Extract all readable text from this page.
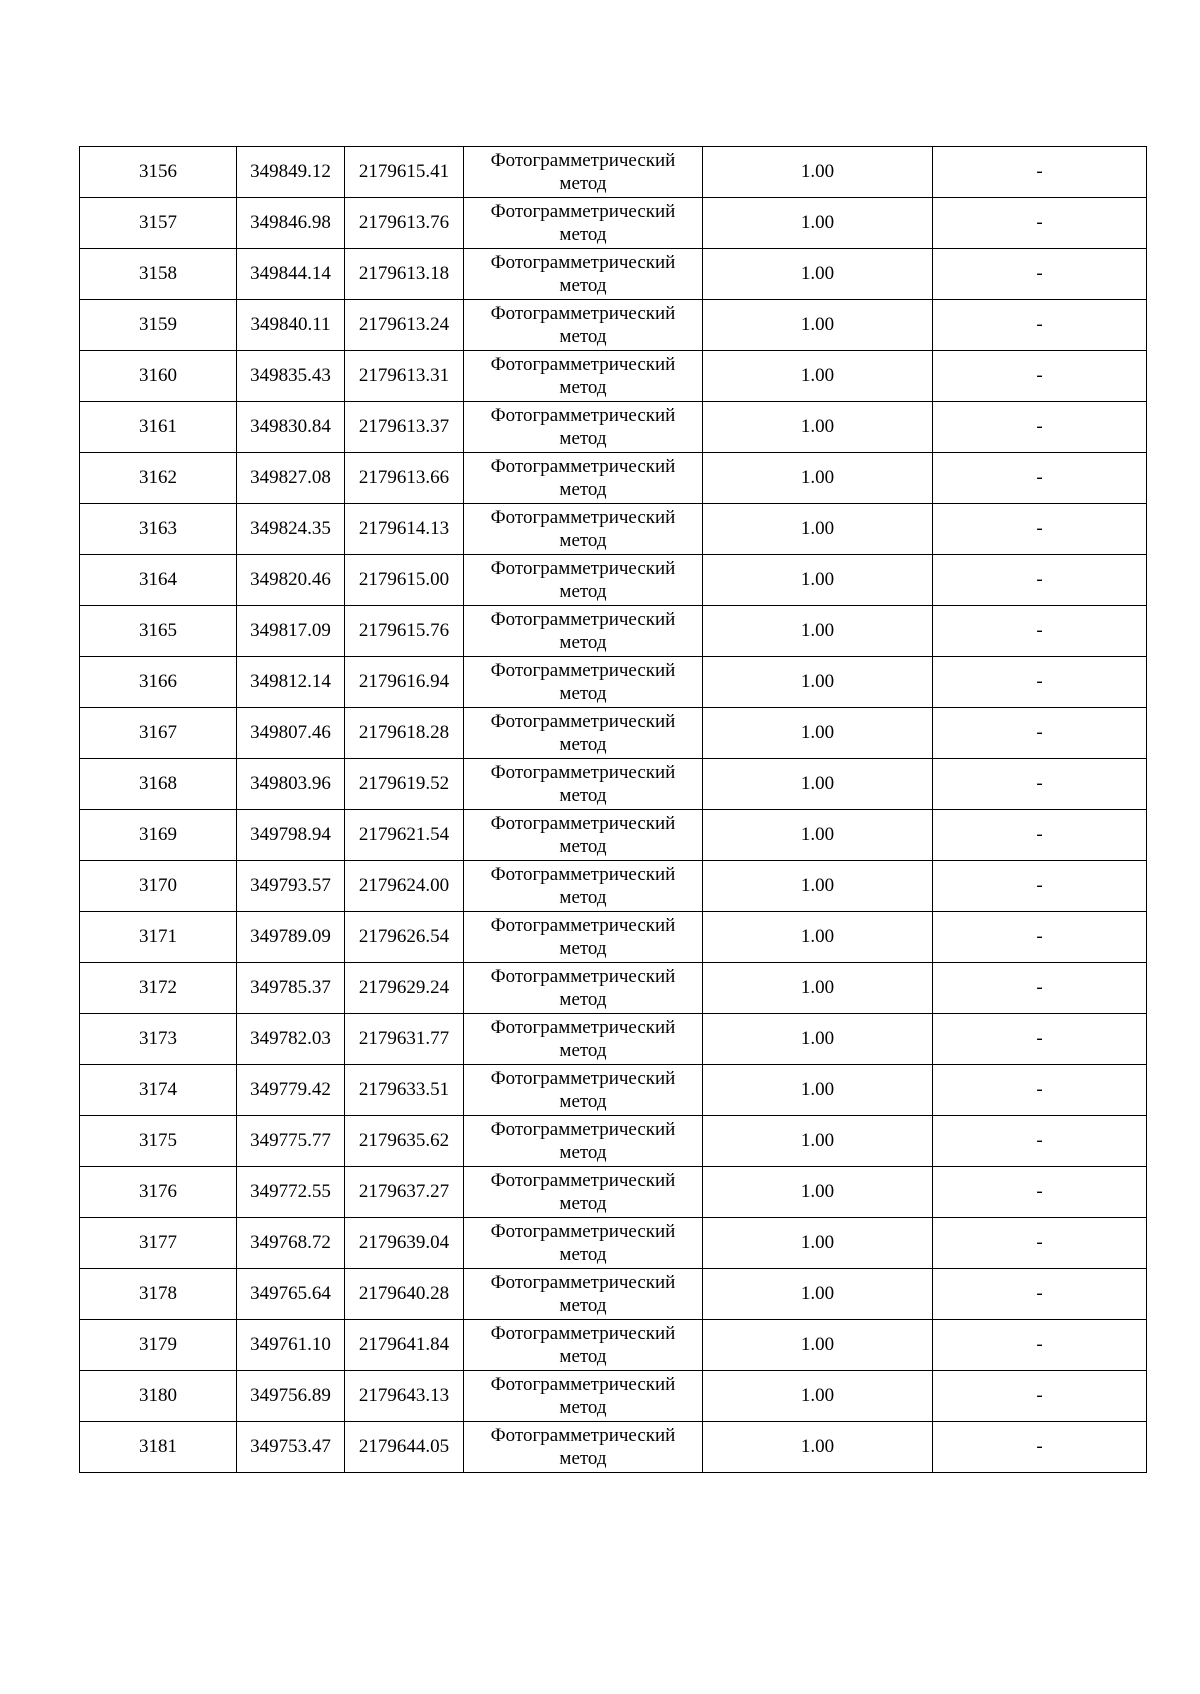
3156	349849.12	2179615.41	Фотограмметрический метод	1.00	-
3157	349846.98	2179613.76	Фотограмметрический метод	1.00	-
3158	349844.14	2179613.18	Фотограмметрический метод	1.00	-
3159	349840.11	2179613.24	Фотограмметрический метод	1.00	-
3160	349835.43	2179613.31	Фотограмметрический метод	1.00	-
3161	349830.84	2179613.37	Фотограмметрический метод	1.00	-
3162	349827.08	2179613.66	Фотограмметрический метод	1.00	-
3163	349824.35	2179614.13	Фотограмметрический метод	1.00	-
3164	349820.46	2179615.00	Фотограмметрический метод	1.00	-
3165	349817.09	2179615.76	Фотограмметрический метод	1.00	-
3166	349812.14	2179616.94	Фотограмметрический метод	1.00	-
3167	349807.46	2179618.28	Фотограмметрический метод	1.00	-
3168	349803.96	2179619.52	Фотограмметрический метод	1.00	-
3169	349798.94	2179621.54	Фотограмметрический метод	1.00	-
3170	349793.57	2179624.00	Фотограмметрический метод	1.00	-
3171	349789.09	2179626.54	Фотограмметрический метод	1.00	-
3172	349785.37	2179629.24	Фотограмметрический метод	1.00	-
3173	349782.03	2179631.77	Фотограмметрический метод	1.00	-
3174	349779.42	2179633.51	Фотограмметрический метод	1.00	-
3175	349775.77	2179635.62	Фотограмметрический метод	1.00	-
3176	349772.55	2179637.27	Фотограмметрический метод	1.00	-
3177	349768.72	2179639.04	Фотограмметрический метод	1.00	-
3178	349765.64	2179640.28	Фотограмметрический метод	1.00	-
3179	349761.10	2179641.84	Фотограмметрический метод	1.00	-
3180	349756.89	2179643.13	Фотограмметрический метод	1.00	-
3181	349753.47	2179644.05	Фотограмметрический метод	1.00	-
